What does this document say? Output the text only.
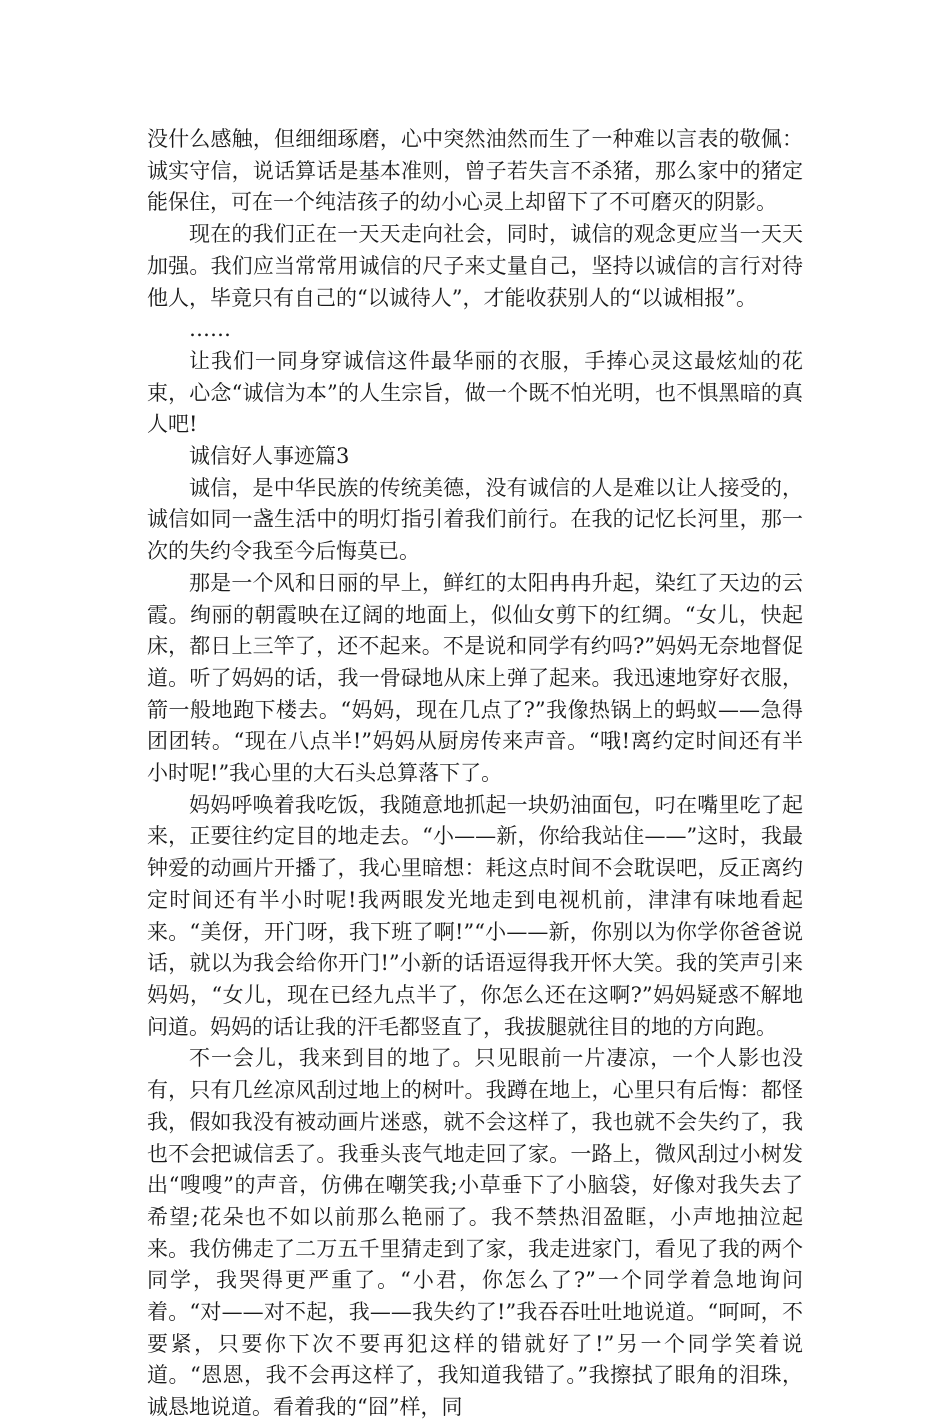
没什么感触，但细细琢磨，心中突然油然而生了一种难以言表的敬佩：诚实守信，说话算话是基本准则，曾子若失言不杀猪，那么家中的猪定能保住，可在一个纯洁孩子的幼小心灵上却留下了不可磨灭的阴影。

现在的我们正在一天天走向社会，同时，诚信的观念更应当一天天加强。我们应当常常用诚信的尺子来丈量自己，坚持以诚信的言行对待他人，毕竟只有自己的“以诚待人”，才能收获别人的“以诚相报”。

……

让我们一同身穿诚信这件最华丽的衣服，手捧心灵这最炫灿的花束，心念“诚信为本”的人生宗旨，做一个既不怕光明，也不惧黑暗的真人吧!

诚信好人事迹篇3

诚信，是中华民族的传统美德，没有诚信的人是难以让人接受的，诚信如同一盏生活中的明灯指引着我们前行。在我的记忆长河里，那一次的失约令我至今后悔莫已。

那是一个风和日丽的早上，鲜红的太阳冉冉升起，染红了天边的云霞。绚丽的朝霞映在辽阔的地面上，似仙女剪下的红绸。“女儿，快起床，都日上三竿了，还不起来。不是说和同学有约吗?”妈妈无奈地督促道。听了妈妈的话，我一骨碌地从床上弹了起来。我迅速地穿好衣服，箭一般地跑下楼去。“妈妈，现在几点了?”我像热锅上的蚂蚁——急得团团转。“现在八点半!”妈妈从厨房传来声音。“哦!离约定时间还有半小时呢!”我心里的大石头总算落下了。

妈妈呼唤着我吃饭，我随意地抓起一块奶油面包，叼在嘴里吃了起来，正要往约定目的地走去。“小——新，你给我站住——”这时，我最钟爱的动画片开播了，我心里暗想：耗这点时间不会耽误吧，反正离约定时间还有半小时呢!我两眼发光地走到电视机前，津津有味地看起来。“美伢，开门呀，我下班了啊!”“小——新，你别以为你学你爸爸说话，就以为我会给你开门!”小新的话语逗得我开怀大笑。我的笑声引来妈妈，“女儿，现在已经九点半了，你怎么还在这啊?”妈妈疑惑不解地问道。妈妈的话让我的汗毛都竖直了，我拔腿就往目的地的方向跑。

不一会儿，我来到目的地了。只见眼前一片凄凉，一个人影也没有，只有几丝凉风刮过地上的树叶。我蹲在地上，心里只有后悔：都怪我，假如我没有被动画片迷惑，就不会这样了，我也就不会失约了，我也不会把诚信丢了。我垂头丧气地走回了家。一路上，微风刮过小树发出“嗖嗖”的声音，仿佛在嘲笑我;小草垂下了小脑袋，好像对我失去了希望;花朵也不如以前那么艳丽了。我不禁热泪盈眶，小声地抽泣起来。我仿佛走了二万五千里猜走到了家，我走进家门，看见了我的两个同学，我哭得更严重了。“小君，你怎么了?”一个同学着急地询问着。“对——对不起，我——我失约了!”我吞吞吐吐地说道。“呵呵，不要紧，只要你下次不要再犯这样的错就好了!”另一个同学笑着说道。“恩恩，我不会再这样了，我知道我错了。”我擦拭了眼角的泪珠，诚恳地说道。看着我的“囧”样，同
